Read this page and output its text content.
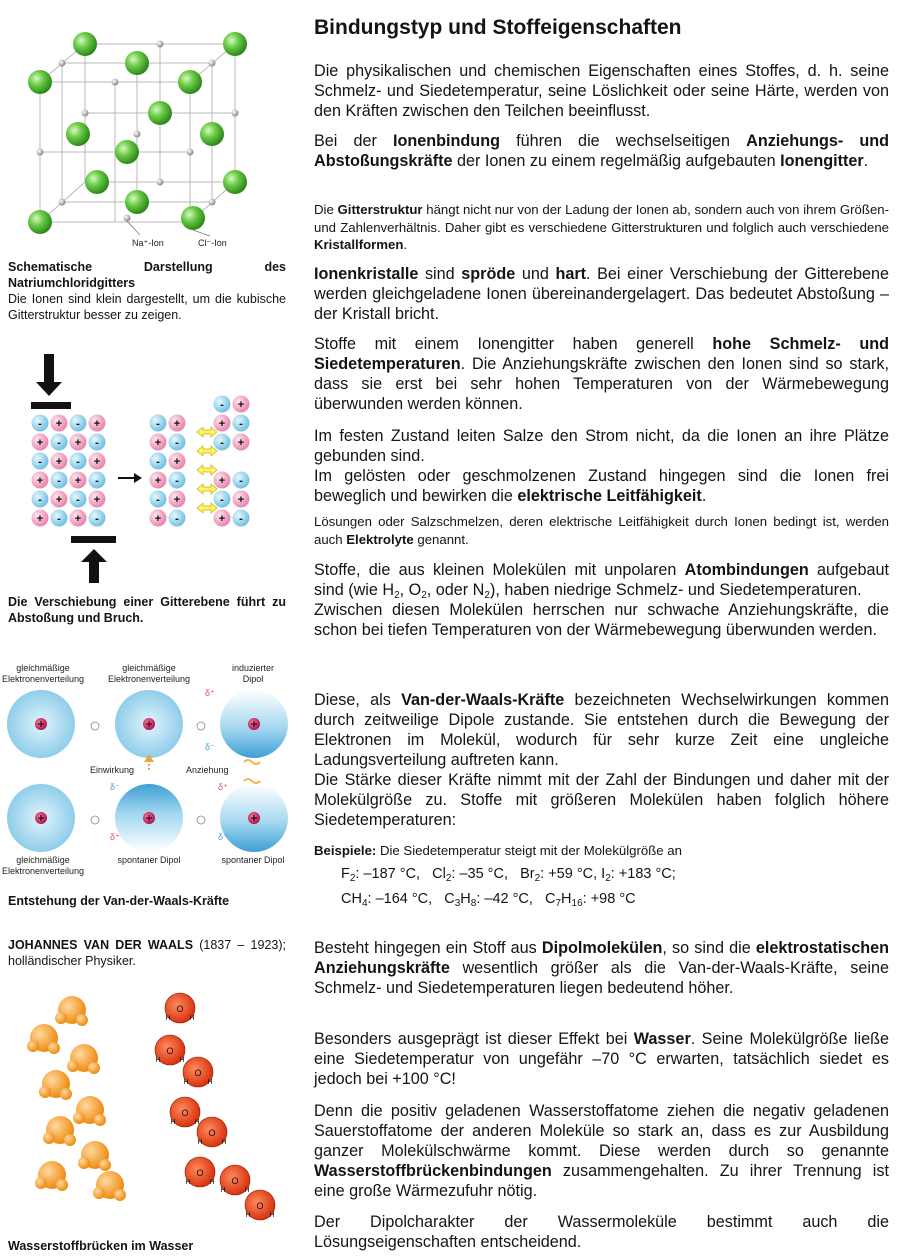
Bindungstyp und Stoffeigenschaften

Die physikalischen und chemischen Eigenschaften eines Stoffes, d. h. seine Schmelz- und Siedetemperatur, seine Löslichkeit oder seine Härte, werden von den Kräften zwischen den Teilchen beeinflusst.

Bei der Ionenbindung führen die wechselseitigen Anziehungs- und Abstoßungskräfte der Ionen zu einem regelmäßig aufgebauten Ionengitter.

Die Gitterstruktur hängt nicht nur von der Ladung der Ionen ab, sondern auch von ihrem Größen- und Zahlenverhältnis. Daher gibt es verschiedene Gitterstrukturen und folglich auch verschiedene Kristallformen.

Ionenkristalle sind spröde und hart. Bei einer Verschiebung der Gitterebene werden gleichgeladene Ionen übereinandergelagert. Das bedeutet Abstoßung – der Kristall bricht.

Stoffe mit einem Ionengitter haben generell hohe Schmelz- und Siedetemperaturen. Die Anziehungskräfte zwischen den Ionen sind so stark, dass sie erst bei sehr hohen Temperaturen von der Wärmebewegung überwunden werden können.

Im festen Zustand leiten Salze den Strom nicht, da die Ionen an ihre Plätze gebunden sind.
Im gelösten oder geschmolzenen Zustand hingegen sind die Ionen frei beweglich und bewirken die elektrische Leitfähigkeit.

Lösungen oder Salzschmelzen, deren elektrische Leitfähigkeit durch Ionen bedingt ist, werden auch Elektrolyte genannt.

Stoffe, die aus kleinen Molekülen mit unpolaren Atombindungen aufgebaut sind (wie $H_2$, $O_2$, oder $N_2$), haben niedrige Schmelz- und Siedetemperaturen.
Zwischen diesen Molekülen herrschen nur schwache Anziehungskräfte, die schon bei tiefen Temperaturen von der Wärmebewegung überwunden werden.

Diese, als Van-der-Waals-Kräfte bezeichneten Wechselwirkungen kommen durch zeitweilige Dipole zustande. Sie entstehen durch die Bewegung der Elektronen im Molekül, wodurch für sehr kurze Zeit eine ungleiche Ladungsverteilung auftreten kann.
Die Stärke dieser Kräfte nimmt mit der Zahl der Bindungen und daher mit der Molekülgröße zu. Stoffe mit größeren Molekülen haben folglich höhere Siedetemperaturen:

Beispiele: Die Siedetemperatur steigt mit der Molekülgröße an

$F_2$: –187 °C,   $Cl_2$: –35 °C,   $Br_2$: +59 °C, $I_2$: +183 °C;

$CH_4$: –164 °C,   $C_3H_8$: –42 °C,   $C_7H_{16}$: +98 °C

Besteht hingegen ein Stoff aus Dipolmolekülen, so sind die elektrostatischen Anziehungskräfte wesentlich größer als die Van-der-Waals-Kräfte, seine Schmelz- und Siedetemperaturen liegen bedeutend höher.

Besonders ausgeprägt ist dieser Effekt bei Wasser. Seine Molekülgröße ließe eine Siedetemperatur von ungefähr –70 °C erwarten, tatsächlich siedet es jedoch bei +100 °C!

Denn die positiv geladenen Wasserstoffatome ziehen die negativ geladenen Sauerstoffatome der anderen Moleküle so stark an, dass es zur Ausbildung ganzer Molekülschwärme kommt. Diese werden durch so genannte Wasserstoffbrückenbindungen zusammengehalten. Zu ihrer Trennung ist eine große Wärmezufuhr nötig.

Der Dipolcharakter der Wassermoleküle bestimmt auch die Lösungseigenschaften entscheidend.

Na⁺-Ion	Cl⁻-Ion

Schematische Darstellung des Natriumchloridgitters
Die Ionen sind klein dargestellt, um die kubische Gitterstruktur besser zu zeigen.

- + - +
+ - + -
- + - +
+ - + -
- + - +
+ - + -
- +
- +
+ -
+ -
- +
- +
+ -	+ -
- +	- +
+ -	+ -

Die Verschiebung einer Gitterebene führt zu Abstoßung und Bruch.

gleichmäßige Elektronenverteilung
gleichmäßige Elektronenverteilung
induzierter Dipol
gleichmäßige Elektronenverteilung
spontaner Dipol	spontaner Dipol
Einwirkung	Anziehung
δ⁺
δ⁻
δ⁻
δ⁺
δ⁺
δ⁻

Entstehung der Van-der-Waals-Kräfte

JOHANNES VAN DER WAALS (1837 – 1923); holländischer Physiker.

O
H	H
O
H	H
O
H	H
O
H	H
O
H	H
O
H	H O
H	H
O
H	H

Wasserstoffbrücken im Wasser
